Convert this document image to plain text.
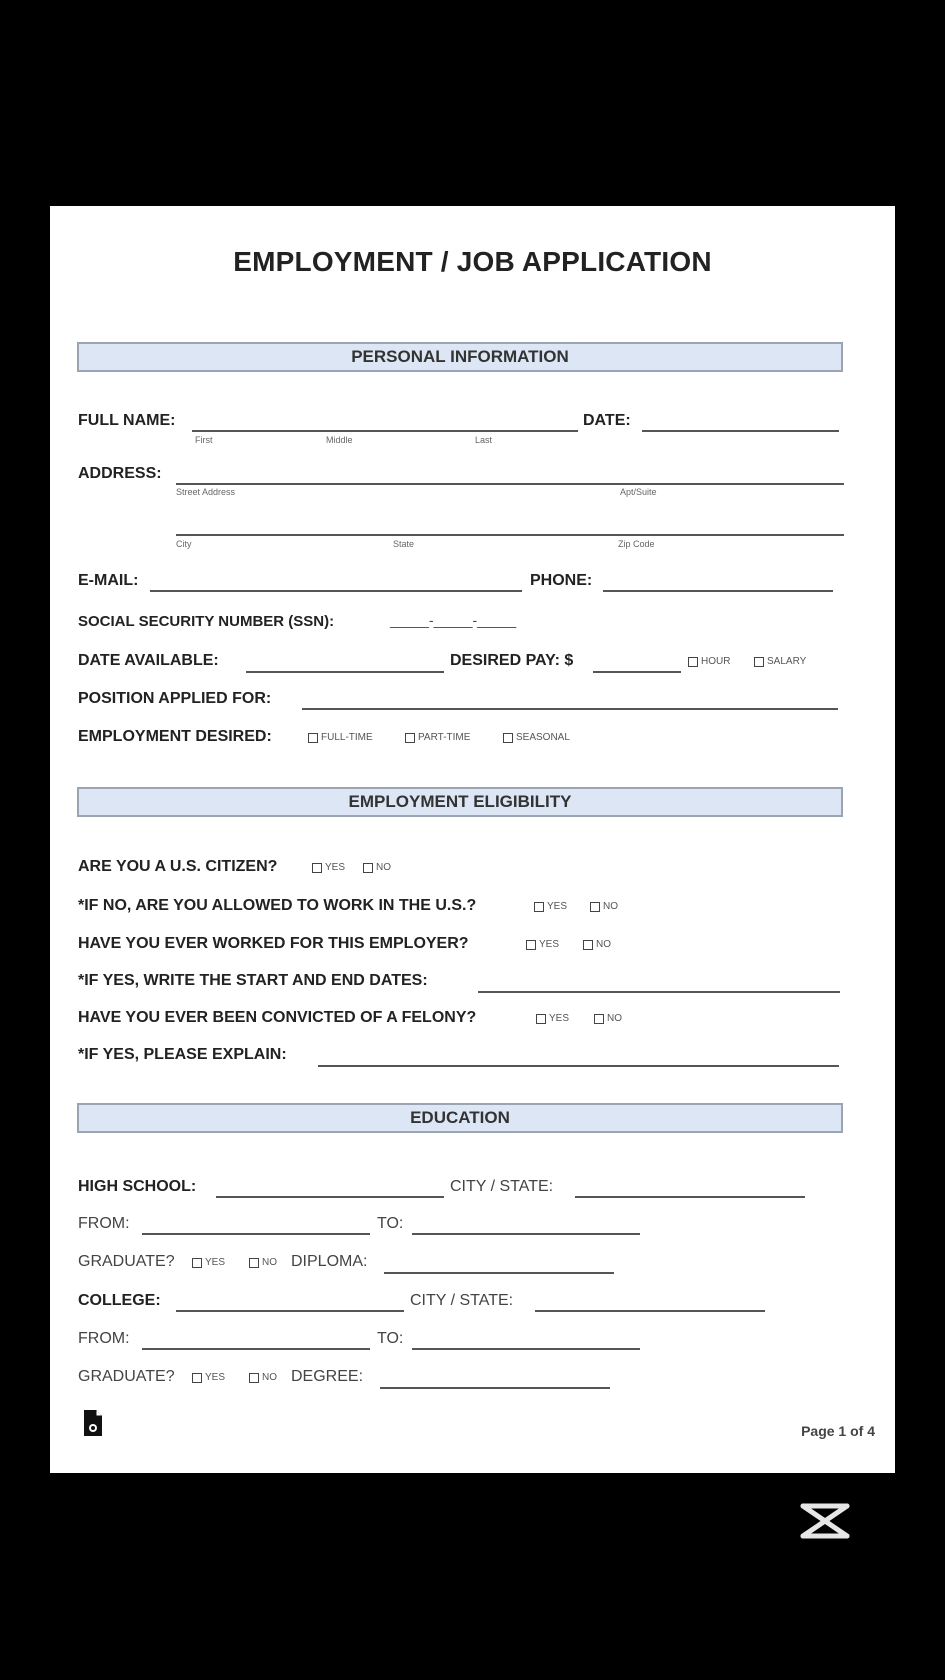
EMPLOYMENT / JOB APPLICATION
PERSONAL INFORMATION
FULL NAME:
First	Middle	Last
DATE:
ADDRESS:
Street Address	Apt/Suite
City	State	Zip Code
E-MAIL:	PHONE:
SOCIAL SECURITY NUMBER (SSN):	_____-_____-_____
DATE AVAILABLE:	DESIRED PAY: $	HOUR	SALARY
POSITION APPLIED FOR:
EMPLOYMENT DESIRED:	FULL-TIME	PART-TIME	SEASONAL
EMPLOYMENT ELIGIBILITY
ARE YOU A U.S. CITIZEN?	YES	NO
*IF NO, ARE YOU ALLOWED TO WORK IN THE U.S.?	YES	NO
HAVE YOU EVER WORKED FOR THIS EMPLOYER?	YES	NO
*IF YES, WRITE THE START AND END DATES:
HAVE YOU EVER BEEN CONVICTED OF A FELONY?	YES	NO
*IF YES, PLEASE EXPLAIN:
EDUCATION
HIGH SCHOOL:	CITY / STATE:
FROM:	TO:
GRADUATE?	YES	NO DIPLOMA:
COLLEGE:	CITY / STATE:
FROM:	TO:
GRADUATE?	YES	NO DEGREE:
Page 1 of 4
